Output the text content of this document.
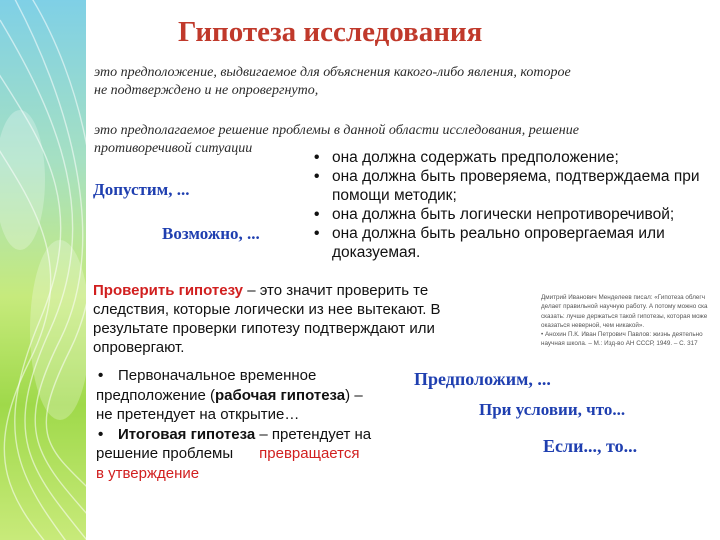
Гипотеза исследования

это предположение, выдвигаемое для объяснения какого-либо явления, которое
не подтверждено и не опровергнуто,

это предполагаемое решение проблемы в данной области исследования, решение
противоречивой ситуации

Допустим, ...

Возможно, ...

• она должна содержать предположение;
• она должна быть проверяема, подтверждаема при
помощи методик;
• она должна быть логически непротиворечивой;
• она должна быть реально опровергаемая или
доказуемая.

Проверить гипотезу – это значит проверить те
следствия, которые логически из нее вытекают. В
результате проверки гипотезу подтверждают или
опровергают.

Дмитрий Иванович Менделеев писал: «Гипотеза облегч
делает правильной научную работу. А потому можно ска
сказать: лучше держаться такой гипотезы, которая може
оказаться неверной, чем никакой».
• Анохин П.К. Иван Петрович Павлов: жизнь деятельно
научная школа. – М.: Изд-во АН СССР, 1949. – С. 317

• Первоначальное временное
предположение (рабочая гипотеза) –
не претендует на открытие…
• Итоговая гипотеза – претендует на
решение проблемы превращается
в утверждение

Предположим, ...

При условии, что...

Если..., то...
